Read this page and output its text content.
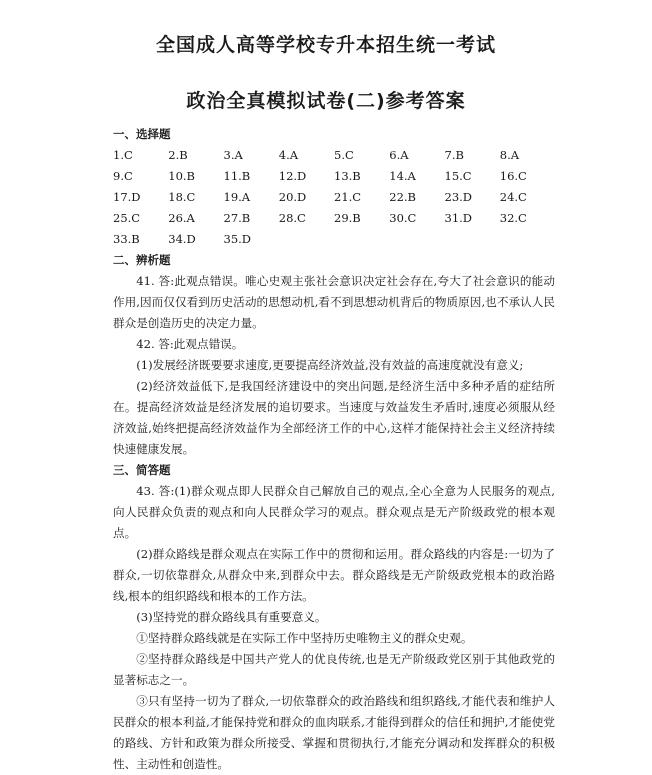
全国成人高等学校专升本招生统一考试
政治全真模拟试卷(二)参考答案
一、选择题
1.C	2.B	3.A	4.A	5.C	6.A	7.B	8.A
9.C	10.B	11.B	12.D	13.B	14.A	15.C	16.C
17.D	18.C	19.A	20.D	21.C	22.B	23.D	24.C
25.C	26.A	27.B	28.C	29.B	30.C	31.D	32.C
33.B	34.D	35.D
二、辨析题

41. 答:此观点错误。唯心史观主张社会意识决定社会存在,夸大了社会意识的能动作用,因而仅仅看到历史活动的思想动机,看不到思想动机背后的物质原因,也不承认人民群众是创造历史的决定力量。

42. 答:此观点错误。

(1)发展经济既要要求速度,更要提高经济效益,没有效益的高速度就没有意义;

(2)经济效益低下,是我国经济建设中的突出问题,是经济生活中多种矛盾的症结所在。提高经济效益是经济发展的追切要求。当速度与效益发生矛盾时,速度必须服从经济效益,始终把提高经济效益作为全部经济工作的中心,这样才能保持社会主义经济持续快速健康发展。

三、简答题

43. 答:(1)群众观点即人民群众自己解放自己的观点,全心全意为人民服务的观点,向人民群众负责的观点和向人民群众学习的观点。群众观点是无产阶级政党的根本观点。

(2)群众路线是群众观点在实际工作中的贯彻和运用。群众路线的内容是:一切为了群众,一切依靠群众,从群众中来,到群众中去。群众路线是无产阶级政党根本的政治路线,根本的组织路线和根本的工作方法。

(3)坚持党的群众路线具有重要意义。

①坚持群众路线就是在实际工作中坚持历史唯物主义的群众史观。

②坚持群众路线是中国共产党人的优良传统,也是无产阶级政党区别于其他政党的显著标志之一。

③只有坚持一切为了群众,一切依靠群众的政治路线和组织路线,才能代表和维护人民群众的根本利益,才能保持党和群众的血肉联系,才能得到群众的信任和拥护,才能使党的路线、方针和政策为群众所接受、掌握和贯彻执行,才能充分调动和发挥群众的积极性、主动性和创造性。
